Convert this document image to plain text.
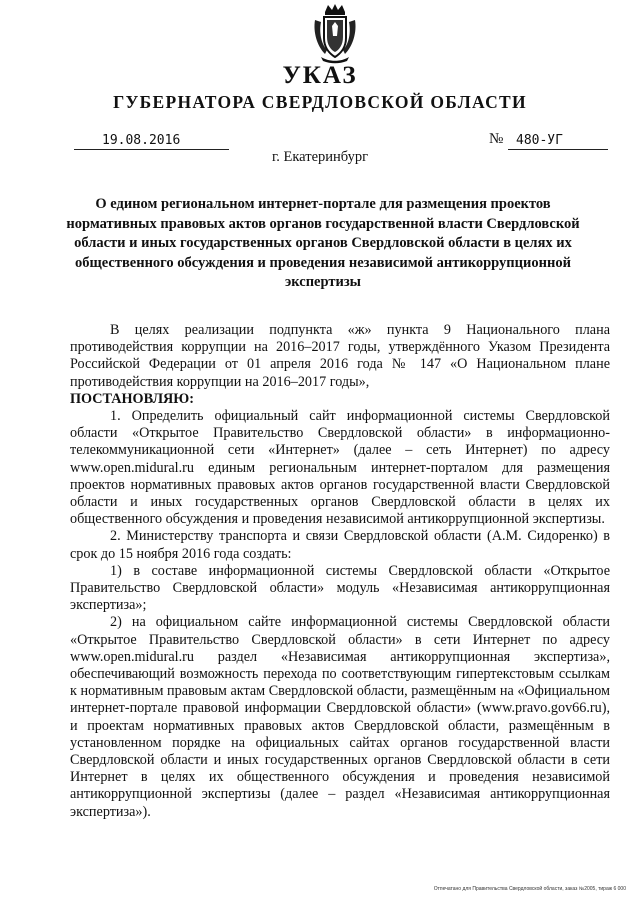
УКАЗ
ГУБЕРНАТОРА СВЕРДЛОВСКОЙ ОБЛАСТИ
19.08.2016	№ 480-УГ
г. Екатеринбург

О едином региональном интернет-портале для размещения проектов нормативных правовых актов органов государственной власти Свердловской области и иных государственных органов Свердловской области в целях их общественного обсуждения и проведения независимой антикоррупционной экспертизы

В целях реализации подпункта «ж» пункта 9 Национального плана противодействия коррупции на 2016–2017 годы, утверждённого Указом Президента Российской Федерации от 01 апреля 2016 года № 147 «О Национальном плане противодействия коррупции на 2016–2017 годы»,

ПОСТАНОВЛЯЮ:

1. Определить официальный сайт информационной системы Свердловской области «Открытое Правительство Свердловской области» в информационно-телекоммуникационной сети «Интернет» (далее – сеть Интернет) по адресу www.open.midural.ru единым региональным интернет-порталом для размещения проектов нормативных правовых актов органов государственной власти Свердловской области и иных государственных органов Свердловской области в целях их общественного обсуждения и проведения независимой антикоррупционной экспертизы.

2. Министерству транспорта и связи Свердловской области (А.М. Сидоренко) в срок до 15 ноября 2016 года создать:

1) в составе информационной системы Свердловской области «Открытое Правительство Свердловской области» модуль «Независимая антикоррупционная экспертиза»;

2) на официальном сайте информационной системы Свердловской области «Открытое Правительство Свердловской области» в сети Интернет по адресу www.open.midural.ru раздел «Независимая антикоррупционная экспертиза», обеспечивающий возможность перехода по соответствующим гипертекстовым ссылкам к нормативным правовым актам Свердловской области, размещённым на «Официальном интернет-портале правовой информации Свердловской области» (www.pravo.gov66.ru), и проектам нормативных правовых актов Свердловской области, размещённым в установленном порядке на официальных сайтах органов государственной власти Свердловской области и иных государственных органов Свердловской области в сети Интернет в целях их общественного обсуждения и проведения независимой антикоррупционной экспертизы (далее – раздел «Независимая антикоррупционная экспертиза»).

Отпечатано для Правительства Свердловской области, заказ №2005, тираж 6 000
